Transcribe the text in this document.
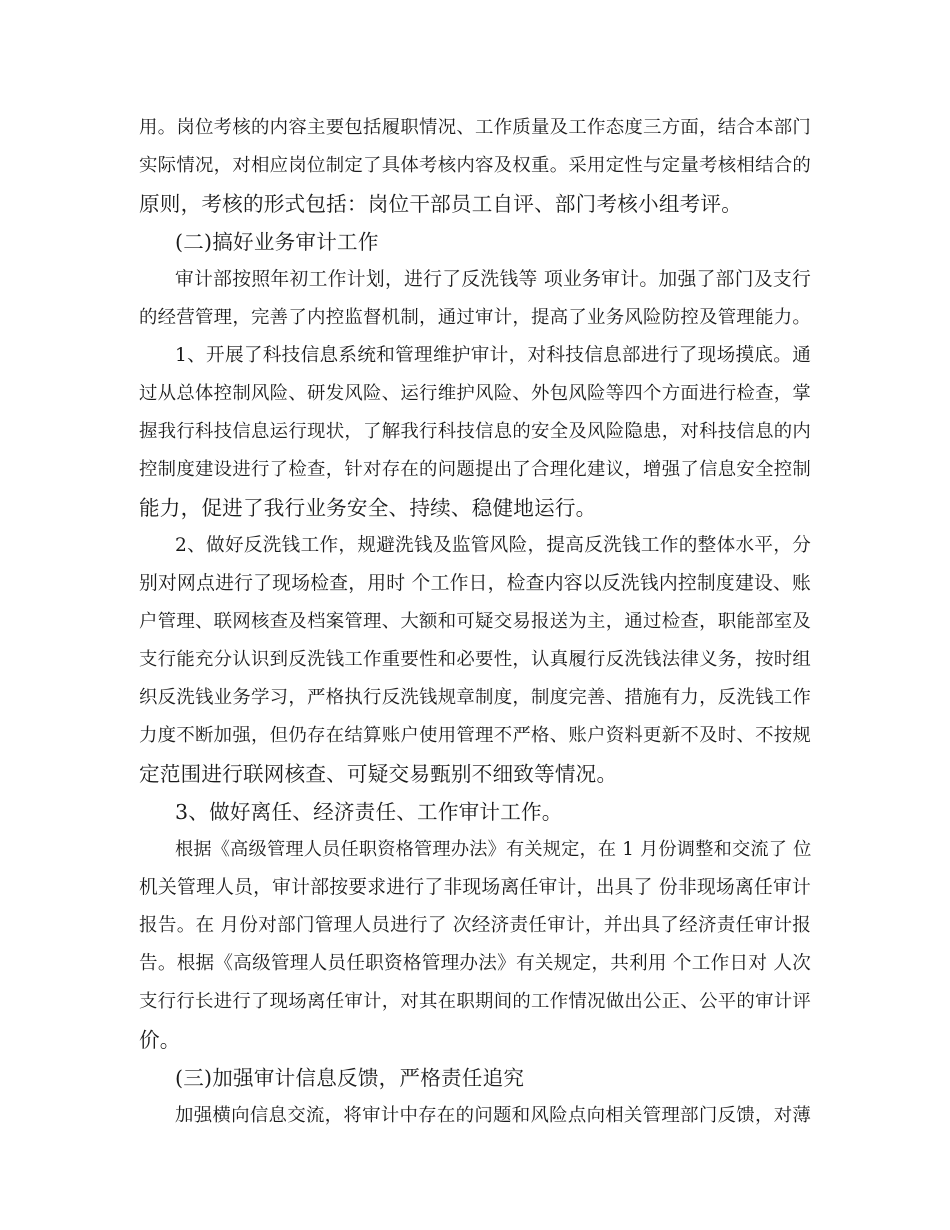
用。岗位考核的内容主要包括履职情况、工作质量及工作态度三方面，结合本部门
实际情况，对相应岗位制定了具体考核内容及权重。采用定性与定量考核相结合的
原则，考核的形式包括：岗位干部员工自评、部门考核小组考评。
(二)搞好业务审计工作
审计部按照年初工作计划，进行了反洗钱等 项业务审计。加强了部门及支行
的经营管理，完善了内控监督机制，通过审计，提高了业务风险防控及管理能力。
1、开展了科技信息系统和管理维护审计，对科技信息部进行了现场摸底。通
过从总体控制风险、研发风险、运行维护风险、外包风险等四个方面进行检查，掌
握我行科技信息运行现状，了解我行科技信息的安全及风险隐患，对科技信息的内
控制度建设进行了检查，针对存在的问题提出了合理化建议，增强了信息安全控制
能力，促进了我行业务安全、持续、稳健地运行。
2、做好反洗钱工作，规避洗钱及监管风险，提高反洗钱工作的整体水平，分
别对网点进行了现场检查，用时 个工作日，检查内容以反洗钱内控制度建设、账
户管理、联网核查及档案管理、大额和可疑交易报送为主，通过检查，职能部室及
支行能充分认识到反洗钱工作重要性和必要性，认真履行反洗钱法律义务，按时组
织反洗钱业务学习，严格执行反洗钱规章制度，制度完善、措施有力，反洗钱工作
力度不断加强，但仍存在结算账户使用管理不严格、账户资料更新不及时、不按规
定范围进行联网核查、可疑交易甄别不细致等情况。
3、做好离任、经济责任、工作审计工作。
根据《高级管理人员任职资格管理办法》有关规定，在 1 月份调整和交流了 位
机关管理人员，审计部按要求进行了非现场离任审计，出具了 份非现场离任审计
报告。在 月份对部门管理人员进行了 次经济责任审计，并出具了经济责任审计报
告。根据《高级管理人员任职资格管理办法》有关规定，共利用 个工作日对 人次
支行行长进行了现场离任审计，对其在职期间的工作情况做出公正、公平的审计评
价。
(三)加强审计信息反馈，严格责任追究
加强横向信息交流，将审计中存在的问题和风险点向相关管理部门反馈，对薄
